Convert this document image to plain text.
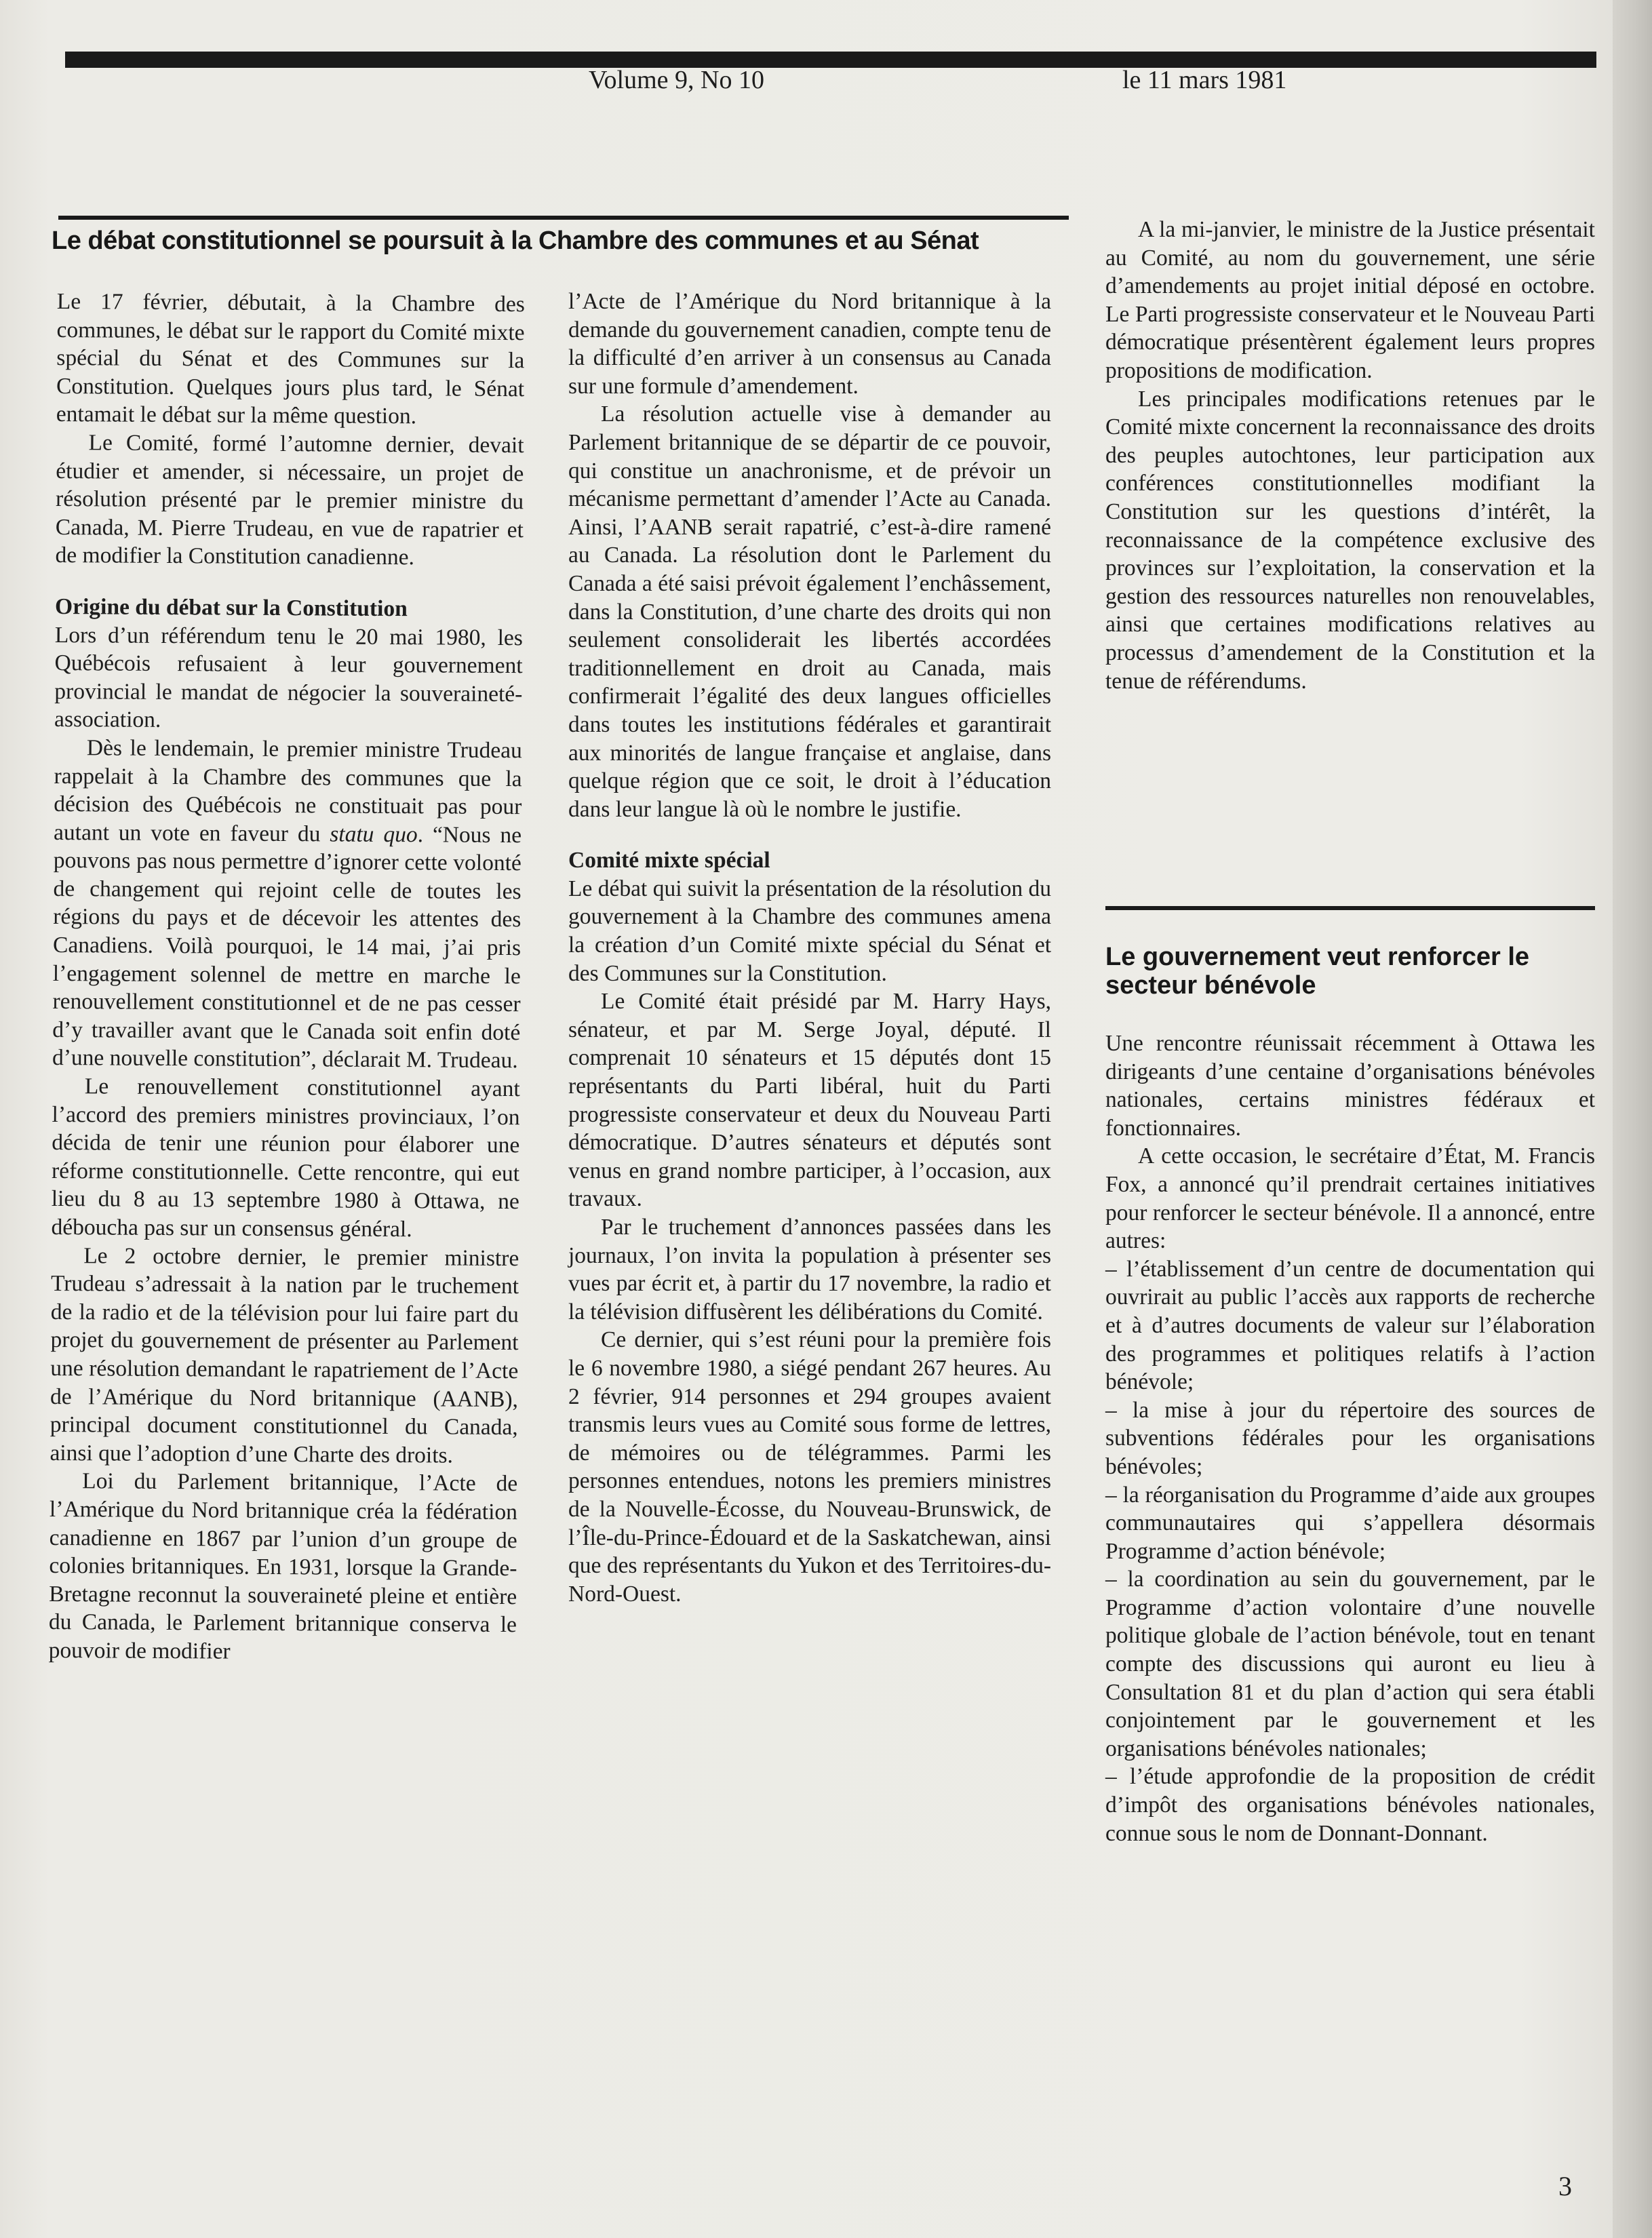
Volume 9, No 10	le 11 mars 1981
Le débat constitutionnel se poursuit à la Chambre des communes et au Sénat

Le 17 février, débutait, à la Chambre des communes, le débat sur le rapport du Comité mixte spécial du Sénat et des Communes sur la Constitution. Quelques jours plus tard, le Sénat entamait le débat sur la même question.

Le Comité, formé l’automne dernier, devait étudier et amender, si nécessaire, un projet de résolution présenté par le premier ministre du Canada, M. Pierre Trudeau, en vue de rapatrier et de modifier la Constitution canadienne.

Origine du débat sur la Constitution

Lors d’un référendum tenu le 20 mai 1980, les Québécois refusaient à leur gouvernement provincial le mandat de négocier la souveraineté-association.

Dès le lendemain, le premier ministre Trudeau rappelait à la Chambre des communes que la décision des Québécois ne constituait pas pour autant un vote en faveur du statu quo. “Nous ne pouvons pas nous permettre d’ignorer cette volonté de changement qui rejoint celle de toutes les régions du pays et de décevoir les attentes des Canadiens. Voilà pourquoi, le 14 mai, j’ai pris l’engagement solennel de mettre en marche le renouvellement constitutionnel et de ne pas cesser d’y travailler avant que le Canada soit enfin doté d’une nouvelle constitution”, déclarait M. Trudeau.

Le renouvellement constitutionnel ayant l’accord des premiers ministres provinciaux, l’on décida de tenir une réunion pour élaborer une réforme constitutionnelle. Cette rencontre, qui eut lieu du 8 au 13 septembre 1980 à Ottawa, ne déboucha pas sur un consensus général.

Le 2 octobre dernier, le premier ministre Trudeau s’adressait à la nation par le truchement de la radio et de la télévision pour lui faire part du projet du gouvernement de présenter au Parlement une résolution demandant le rapatriement de l’Acte de l’Amérique du Nord britannique (AANB), principal document constitutionnel du Canada, ainsi que l’adoption d’une Charte des droits.

Loi du Parlement britannique, l’Acte de l’Amérique du Nord britannique créa la fédération canadienne en 1867 par l’union d’un groupe de colonies britanniques. En 1931, lorsque la Grande-Bretagne reconnut la souveraineté pleine et entière du Canada, le Parlement britannique conserva le pouvoir de modifier

l’Acte de l’Amérique du Nord britannique à la demande du gouvernement canadien, compte tenu de la difficulté d’en arriver à un consensus au Canada sur une formule d’amendement.

La résolution actuelle vise à demander au Parlement britannique de se départir de ce pouvoir, qui constitue un anachronisme, et de prévoir un mécanisme permettant d’amender l’Acte au Canada. Ainsi, l’AANB serait rapatrié, c’est-à-dire ramené au Canada. La résolution dont le Parlement du Canada a été saisi prévoit également l’enchâssement, dans la Constitution, d’une charte des droits qui non seulement consoliderait les libertés accordées traditionnellement en droit au Canada, mais confirmerait l’égalité des deux langues officielles dans toutes les institutions fédérales et garantirait aux minorités de langue française et anglaise, dans quelque région que ce soit, le droit à l’éducation dans leur langue là où le nombre le justifie.

Comité mixte spécial

Le débat qui suivit la présentation de la résolution du gouvernement à la Chambre des communes amena la création d’un Comité mixte spécial du Sénat et des Communes sur la Constitution.

Le Comité était présidé par M. Harry Hays, sénateur, et par M. Serge Joyal, député. Il comprenait 10 sénateurs et 15 députés dont 15 représentants du Parti libéral, huit du Parti progressiste conservateur et deux du Nouveau Parti démocratique. D’autres sénateurs et députés sont venus en grand nombre participer, à l’occasion, aux travaux.

Par le truchement d’annonces passées dans les journaux, l’on invita la population à présenter ses vues par écrit et, à partir du 17 novembre, la radio et la télévision diffusèrent les délibérations du Comité.

Ce dernier, qui s’est réuni pour la première fois le 6 novembre 1980, a siégé pendant 267 heures. Au 2 février, 914 personnes et 294 groupes avaient transmis leurs vues au Comité sous forme de lettres, de mémoires ou de télégrammes. Parmi les personnes entendues, notons les premiers ministres de la Nouvelle-Écosse, du Nouveau-Brunswick, de l’Île-du-Prince-Édouard et de la Saskatchewan, ainsi que des représentants du Yukon et des Territoires-du-Nord-Ouest.

A la mi-janvier, le ministre de la Justice présentait au Comité, au nom du gouvernement, une série d’amendements au projet initial déposé en octobre. Le Parti progressiste conservateur et le Nouveau Parti démocratique présentèrent également leurs propres propositions de modification.

Les principales modifications retenues par le Comité mixte concernent la reconnaissance des droits des peuples autochtones, leur participation aux conférences constitutionnelles modifiant la Constitution sur les questions d’intérêt, la reconnaissance de la compétence exclusive des provinces sur l’exploitation, la conservation et la gestion des ressources naturelles non renouvelables, ainsi que certaines modifications relatives au processus d’amendement de la Constitution et la tenue de référendums.

Le gouvernement veut renforcer le secteur bénévole

Une rencontre réunissait récemment à Ottawa les dirigeants d’une centaine d’organisations bénévoles nationales, certains ministres fédéraux et fonctionnaires.

A cette occasion, le secrétaire d’État, M. Francis Fox, a annoncé qu’il prendrait certaines initiatives pour renforcer le secteur bénévole. Il a annoncé, entre autres:

– l’établissement d’un centre de documentation qui ouvrirait au public l’accès aux rapports de recherche et à d’autres documents de valeur sur l’élaboration des programmes et politiques relatifs à l’action bénévole;

– la mise à jour du répertoire des sources de subventions fédérales pour les organisations bénévoles;

– la réorganisation du Programme d’aide aux groupes communautaires qui s’appellera désormais Programme d’action bénévole;

– la coordination au sein du gouvernement, par le Programme d’action volontaire d’une nouvelle politique globale de l’action bénévole, tout en tenant compte des discussions qui auront eu lieu à Consultation 81 et du plan d’action qui sera établi conjointement par le gouvernement et les organisations bénévoles nationales;

– l’étude approfondie de la proposition de crédit d’impôt des organisations bénévoles nationales, connue sous le nom de Donnant-Donnant.

3
